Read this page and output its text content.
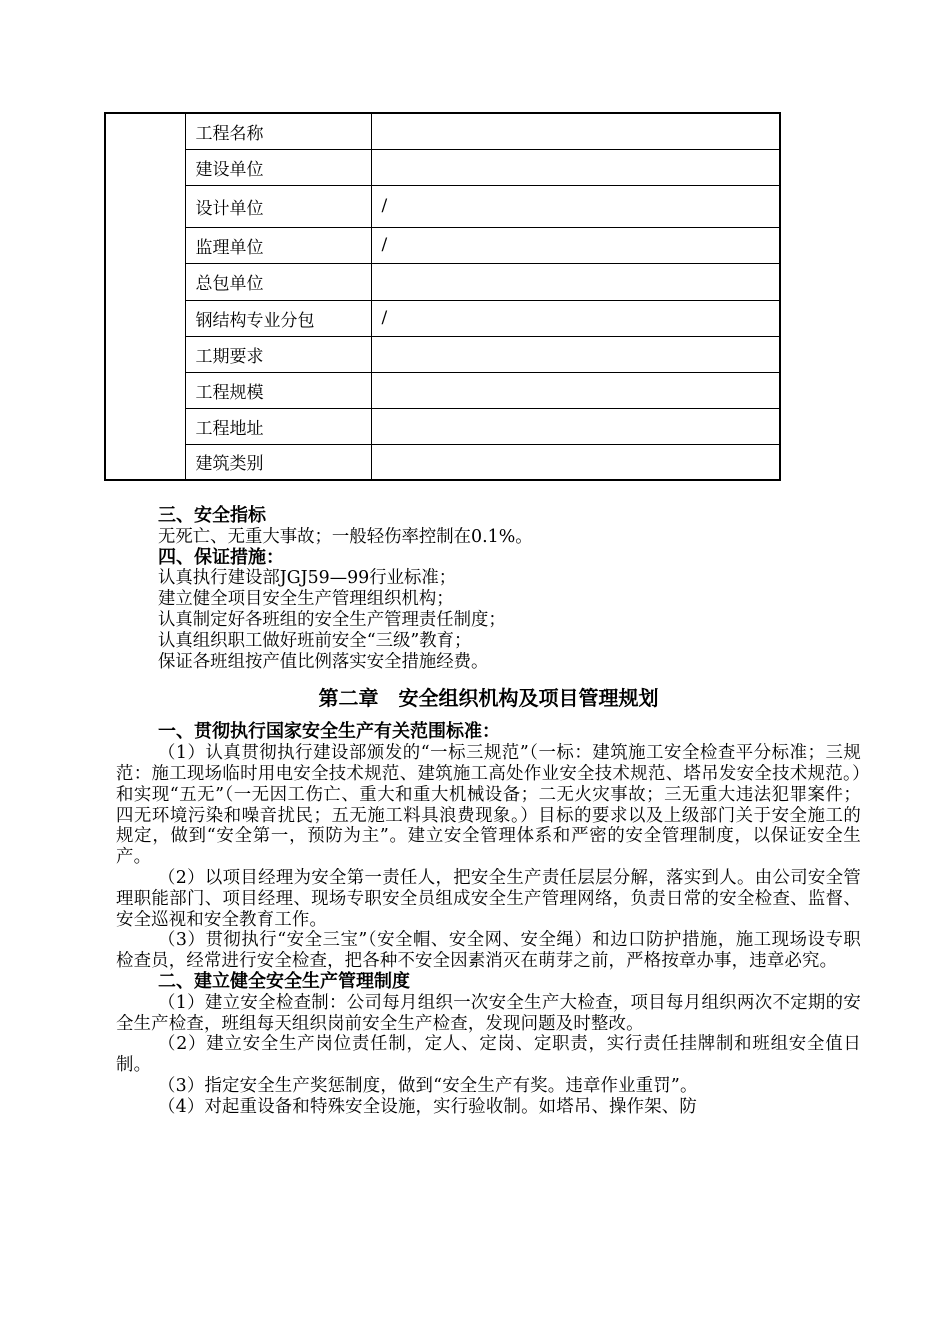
	工程名称	
	建设单位	
	设计单位	/
	监理单位	/
	总包单位	
	钢结构专业分包	/
	工期要求	
	工程规模	
	工程地址	
	建筑类别	

三、安全指标

无死亡、无重大事故；一般轻伤率控制在0.1%。

四、保证措施：

认真执行建设部JGJ59—99行业标准；

建立健全项目安全生产管理组织机构；

认真制定好各班组的安全生产管理责任制度；

认真组织职工做好班前安全“三级”教育；

保证各班组按产值比例落实安全措施经费。

第二章　安全组织机构及项目管理规划

一、贯彻执行国家安全生产有关范围标准：

（1）认真贯彻执行建设部颁发的“一标三规范”（一标：建筑施工安全检查平分标准；三规范：施工现场临时用电安全技术规范、建筑施工高处作业安全技术规范、塔吊发安全技术规范。）和实现“五无”（一无因工伤亡、重大和重大机械设备；二无火灾事故；三无重大违法犯罪案件；四无环境污染和噪音扰民；五无施工料具浪费现象。）目标的要求以及上级部门关于安全施工的规定，做到“安全第一，预防为主”。建立安全管理体系和严密的安全管理制度，以保证安全生产。

（2）以项目经理为安全第一责任人，把安全生产责任层层分解，落实到人。由公司安全管理职能部门、项目经理、现场专职安全员组成安全生产管理网络，负责日常的安全检查、监督、安全巡视和安全教育工作。

（3）贯彻执行“安全三宝”（安全帽、安全网、安全绳）和边口防护措施，施工现场设专职检查员，经常进行安全检查，把各种不安全因素消灭在萌芽之前，严格按章办事，违章必究。

二、建立健全安全生产管理制度

（1）建立安全检查制：公司每月组织一次安全生产大检查，项目每月组织两次不定期的安全生产检查，班组每天组织岗前安全生产检查，发现问题及时整改。

（2）建立安全生产岗位责任制，定人、定岗、定职责，实行责任挂牌制和班组安全值日制。

（3）指定安全生产奖惩制度，做到“安全生产有奖。违章作业重罚”。

（4）对起重设备和特殊安全设施，实行验收制。如塔吊、操作架、防
